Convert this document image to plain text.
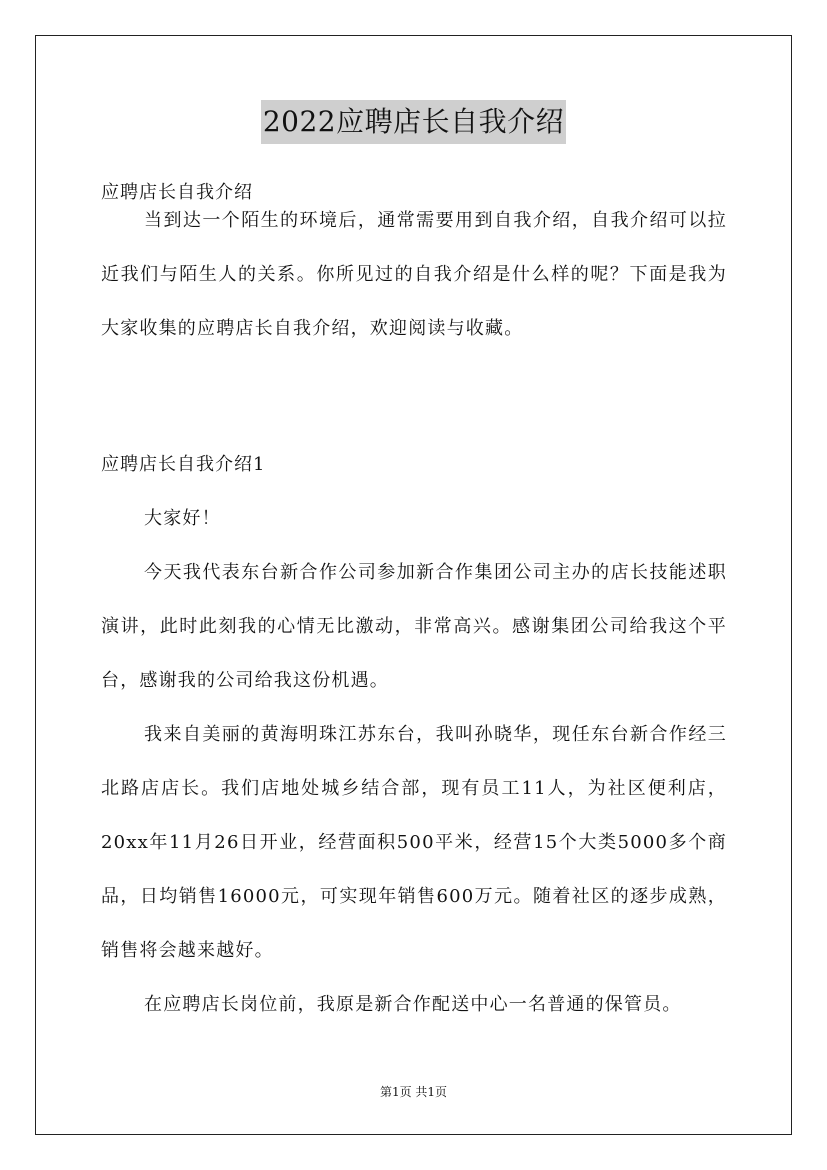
2022应聘店长自我介绍
应聘店长自我介绍

当到达一个陌生的环境后，通常需要用到自我介绍，自我介绍可以拉近我们与陌生人的关系。你所见过的自我介绍是什么样的呢？下面是我为大家收集的应聘店长自我介绍，欢迎阅读与收藏。

应聘店长自我介绍1

大家好！

今天我代表东台新合作公司参加新合作集团公司主办的店长技能述职演讲，此时此刻我的心情无比激动，非常高兴。感谢集团公司给我这个平台，感谢我的公司给我这份机遇。

我来自美丽的黄海明珠江苏东台，我叫孙晓华，现任东台新合作经三北路店店长。我们店地处城乡结合部，现有员工11人，为社区便利店， 20xx年11月26日开业，经营面积500平米，经营15个大类5000多个商品，日均销售16000元，可实现年销售600万元。随着社区的逐步成熟，销售将会越来越好。

在应聘店长岗位前，我原是新合作配送中心一名普通的保管员。

第1页 共1页
